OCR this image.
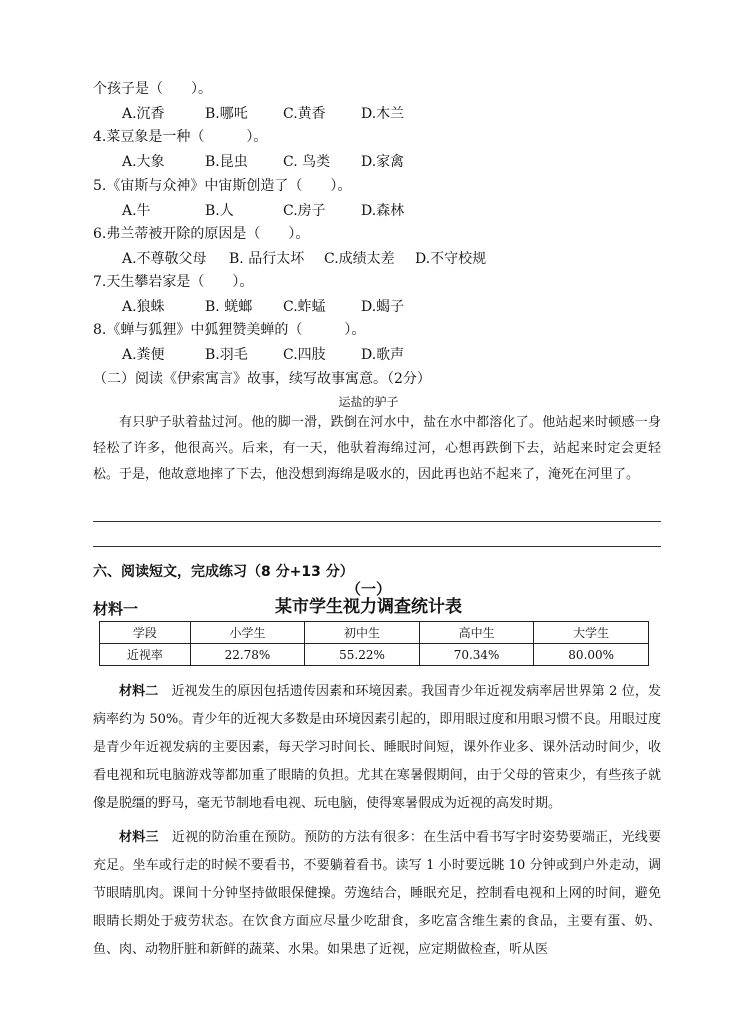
个孩子是（　　）。
A.沉香	B.哪吒	C.黄香	D.木兰
4.菜豆象是一种（　　　）。
A.大象	B.昆虫	C. 鸟类 D.家禽
5.《宙斯与众神》中宙斯创造了（　　）。
A.牛	B.人	C.房子	D.森林
6.弗兰蒂被开除的原因是（　　）。
A.不尊敬父母 B. 品行太坏 C.成绩太差 D.不守校规
7.天生攀岩家是（　　）。
A.狼蛛	B. 蜣螂 C.蚱蜢	D.蝎子
8.《蝉与狐狸》中狐狸赞美蝉的（　　　）。
A.粪便	B.羽毛	C.四肢	D.歌声
（二）阅读《伊索寓言》故事，续写故事寓意。（2分）
运盐的驴子
有只驴子驮着盐过河。他的脚一滑，跌倒在河水中，盐在水中都溶化了。他站起来时顿感一身轻松了许多，他很高兴。后来，有一天，他驮着海绵过河，心想再跌倒下去，站起来时定会更轻松。于是，他故意地摔了下去，他没想到海绵是吸水的，因此再也站不起来了，淹死在河里了。
六、阅读短文，完成练习（8 分+13 分）
（一）
材料一	某市学生视力调查统计表
学段	小学生	初中生	高中生	大学生
近视率	22.78%	55.22%	70.34%	80.00%
材料二　 近视发生的原因包括遗传因素和环境因素。我国青少年近视发病率居世界第 2 位，发病率约为 50%。青少年的近视大多数是由环境因素引起的，即用眼过度和用眼习惯不良。用眼过度是青少年近视发病的主要因素，每天学习时间长、睡眠时间短，课外作业多、课外活动时间少，收看电视和玩电脑游戏等都加重了眼睛的负担。尤其在寒暑假期间，由于父母的管束少，有些孩子就像是脱缰的野马，毫无节制地看电视、玩电脑，使得寒暑假成为近视的高发时期。
材料三　 近视的防治重在预防。预防的方法有很多：在生活中看书写字时姿势要端正，光线要充足。坐车或行走的时候不要看书，不要躺着看书。读写 1 小时要远眺 10 分钟或到户外走动，调节眼睛肌肉。课间十分钟坚持做眼保健操。劳逸结合，睡眠充足，控制看电视和上网的时间，避免眼睛长期处于疲劳状态。在饮食方面应尽量少吃甜食，多吃富含维生素的食品，主要有蛋、奶、鱼、肉、动物肝脏和新鲜的蔬菜、水果。如果患了近视，应定期做检查，听从医
